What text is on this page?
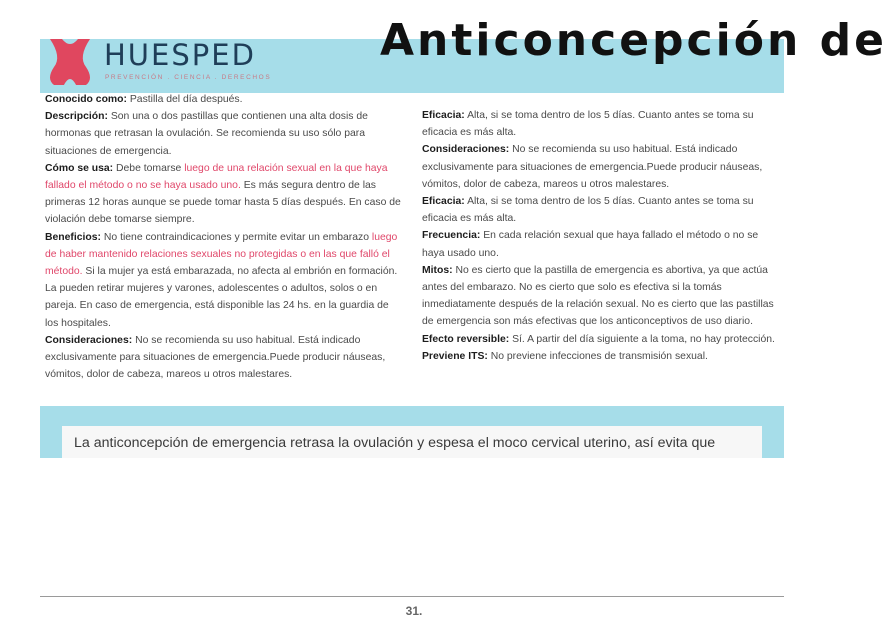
HUESPED
PREVENCIÓN . CIENCIA . DERECHOS
Anticoncepción de

Conocido como: Pastilla del día después.

Descripción: Son una o dos pastillas que contienen una alta dosis de hormonas que retrasan la ovulación. Se recomienda su uso sólo para situaciones de emergencia.

Cómo se usa: Debe tomarse luego de una relación sexual en la que haya fallado el método o no se haya usado uno. Es más segura dentro de las primeras 12 horas aunque se puede tomar hasta 5 días después. En caso de violación debe tomarse siempre.

Beneficios: No tiene contraindicaciones y permite evitar un embarazo luego de haber mantenido relaciones sexuales no protegidas o en las que falló el método. Si la mujer ya está embarazada, no afecta al embrión en formación. La pueden retirar mujeres y varones, adolescentes o adultos, solos o en pareja. En caso de emergencia, está disponible las 24 hs. en la guardia de los hospitales.

Consideraciones: No se recomienda su uso habitual. Está indicado exclusivamente para situaciones de emergencia.Puede producir náuseas, vómitos, dolor de cabeza, mareos u otros malestares.

Eficacia: Alta, si se toma dentro de los 5 días. Cuanto antes se toma su eficacia es más alta.

Consideraciones: No se recomienda su uso habitual. Está indicado exclusivamente para situaciones de emergencia.Puede producir náuseas, vómitos, dolor de cabeza, mareos u otros malestares.

Eficacia: Alta, si se toma dentro de los 5 días. Cuanto antes se toma su eficacia es más alta.

Frecuencia: En cada relación sexual que haya fallado el método o no se haya usado uno.

Mitos: No es cierto que la pastilla de emergencia es abortiva, ya que actúa antes del embarazo. No es cierto que solo es efectiva si la tomás inmediatamente después de la relación sexual. No es cierto que las pastillas de emergencia son más efectivas que los anticonceptivos de uso diario.

Efecto reversible: Sí. A partir del día siguiente a la toma, no hay protección.

Previene ITS: No previene infecciones de transmisión sexual.

La anticoncepción de emergencia retrasa la ovulación y espesa el moco cervical uterino, así evita que
31.
